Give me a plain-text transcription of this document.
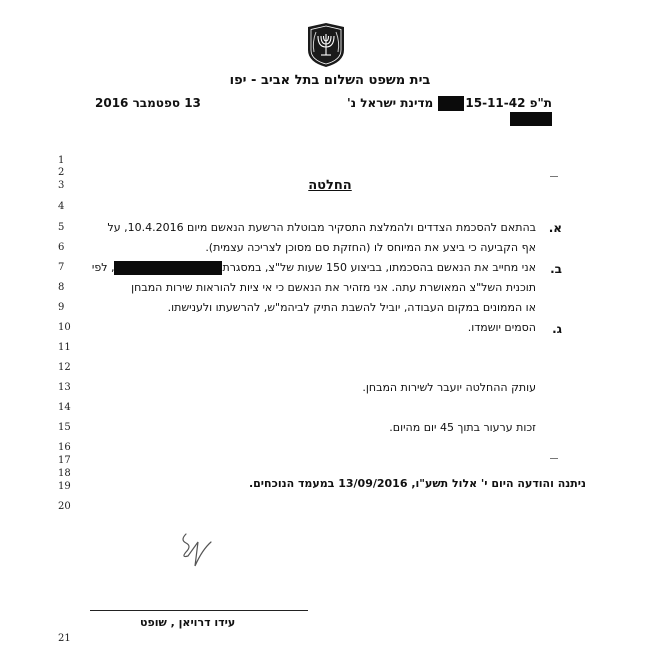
בית משפט השלום בתל אביב - יפו
ת"פ 15-11-42 מדינת ישראל נ'
13 ספטמבר 2016
1
2
3
4
5
6
7
8
9
10
11
12
13
14
15
16
17
18
19
20
21
החלטה
א.
בהתאם להסכמת הצדדים ולהמלצת התסקיר מבוטלת הרשעת הנאשם מיום 10.4.2016, על
אף הקביעה כי ביצע את המיוחס לו (החזקת סם מסוכן לצריכה עצמית).
ב.
אני מחייב את הנאשם בהסכמתו, בביצוע 150 שעות של"צ, במסגרת, לפי
תוכנית השל"צ המאושרת עתה. אני מזהיר את הנאשם כי אי ציות להוראות שירות המבחן
או הממונים במקום העבודה, יוביל להשבת התיק לביהמ"ש, להרשעתו ולענישתו.
ג.
הסמים יושמדו.
עותק ההחלטה יועבר לשירות המבחן.
זכות ערעור בתוך 45 יום מהיום.
ניתנה והודעה היום י' אלול תשע"ו, 13/09/2016 במעמד הנוכחים.
עידו דרויאן , שופט
